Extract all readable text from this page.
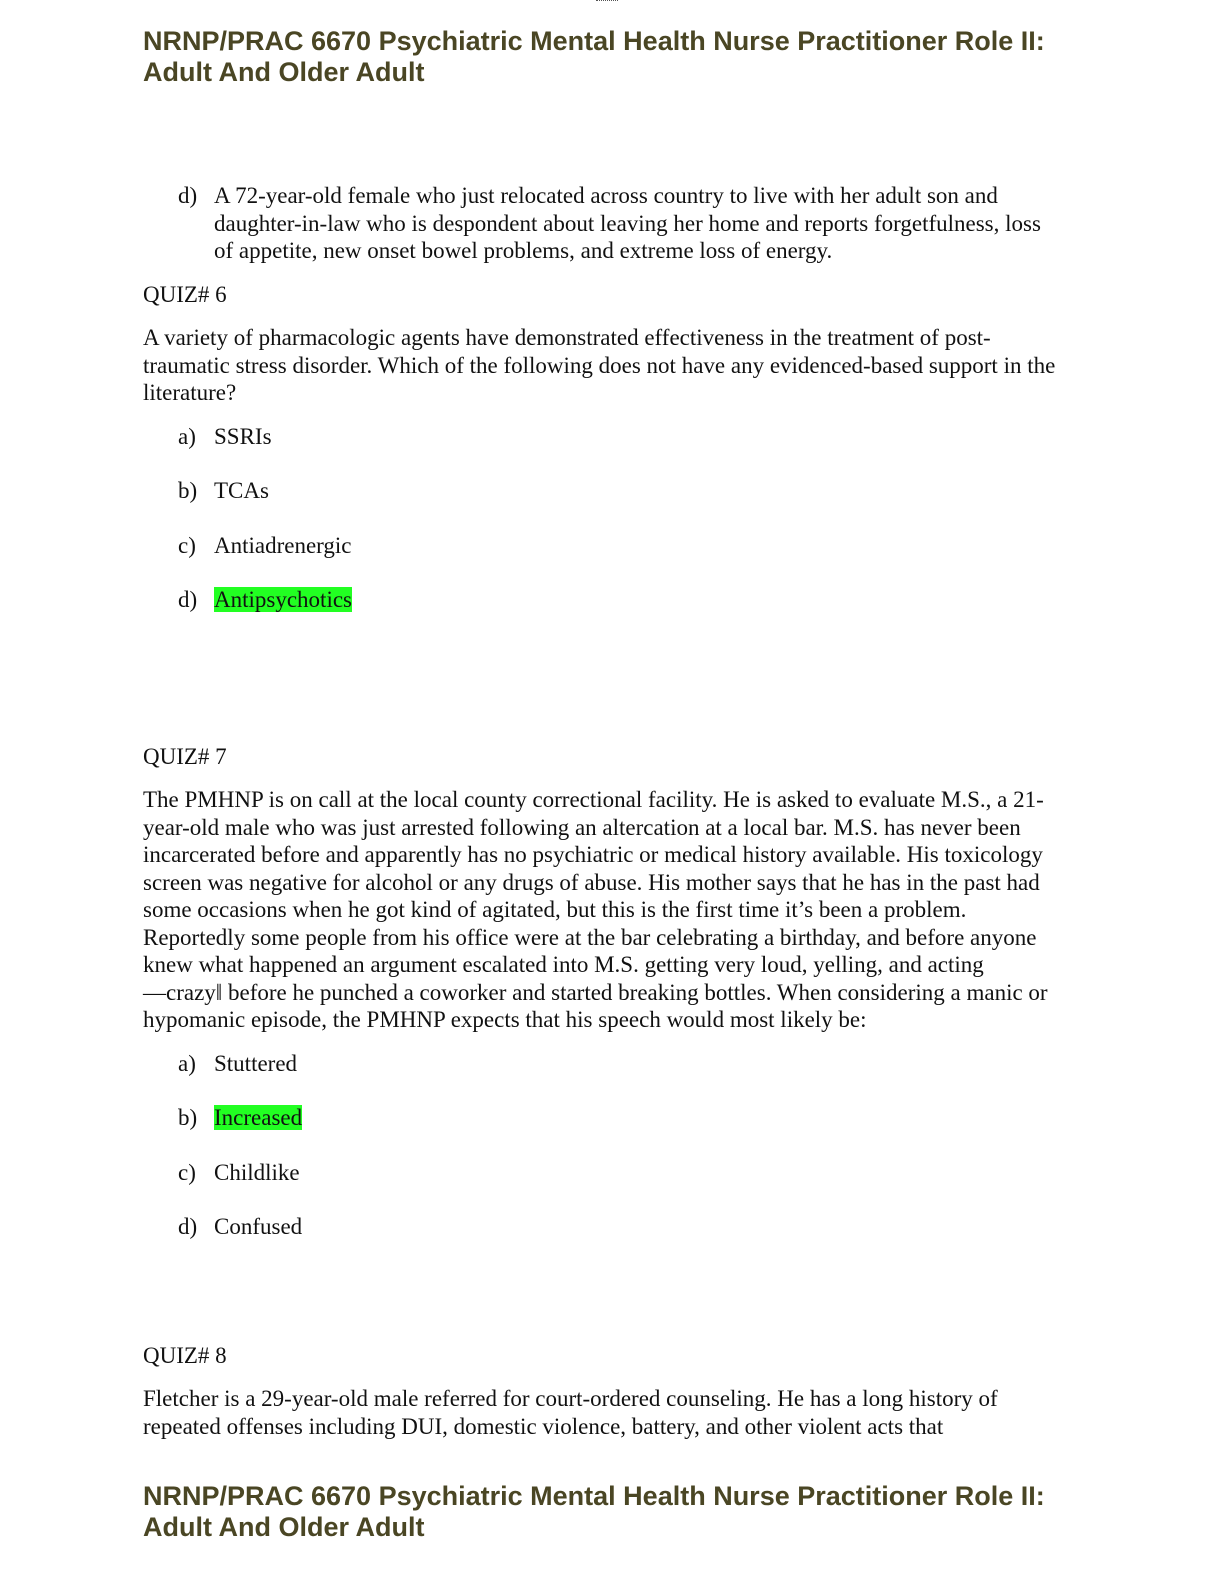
NRNP/PRAC 6670 Psychiatric Mental Health Nurse Practitioner Role II:
Adult And Older Adult
d) A 72-year-old female who just relocated across country to live with her adult son and daughter-in-law who is despondent about leaving her home and reports forgetfulness, loss of appetite, new onset bowel problems, and extreme loss of energy.
QUIZ# 6

A variety of pharmacologic agents have demonstrated effectiveness in the treatment of post-traumatic stress disorder. Which of the following does not have any evidenced-based support in the literature?

a) SSRIs
b) TCAs
c) Antiadrenergic
d) Antipsychotics
QUIZ# 7

The PMHNP is on call at the local county correctional facility. He is asked to evaluate M.S., a 21-year-old male who was just arrested following an altercation at a local bar. M.S. has never been incarcerated before and apparently has no psychiatric or medical history available. His toxicology screen was negative for alcohol or any drugs of abuse. His mother says that he has in the past had some occasions when he got kind of agitated, but this is the first time it’s been a problem. Reportedly some people from his office were at the bar celebrating a birthday, and before anyone knew what happened an argument escalated into M.S. getting very loud, yelling, and acting ―crazy‖ before he punched a coworker and started breaking bottles. When considering a manic or hypomanic episode, the PMHNP expects that his speech would most likely be:

a) Stuttered
b) Increased
c) Childlike
d) Confused
QUIZ# 8

Fletcher is a 29-year-old male referred for court-ordered counseling. He has a long history of repeated offenses including DUI, domestic violence, battery, and other violent acts that

NRNP/PRAC 6670 Psychiatric Mental Health Nurse Practitioner Role II:
Adult And Older Adult
